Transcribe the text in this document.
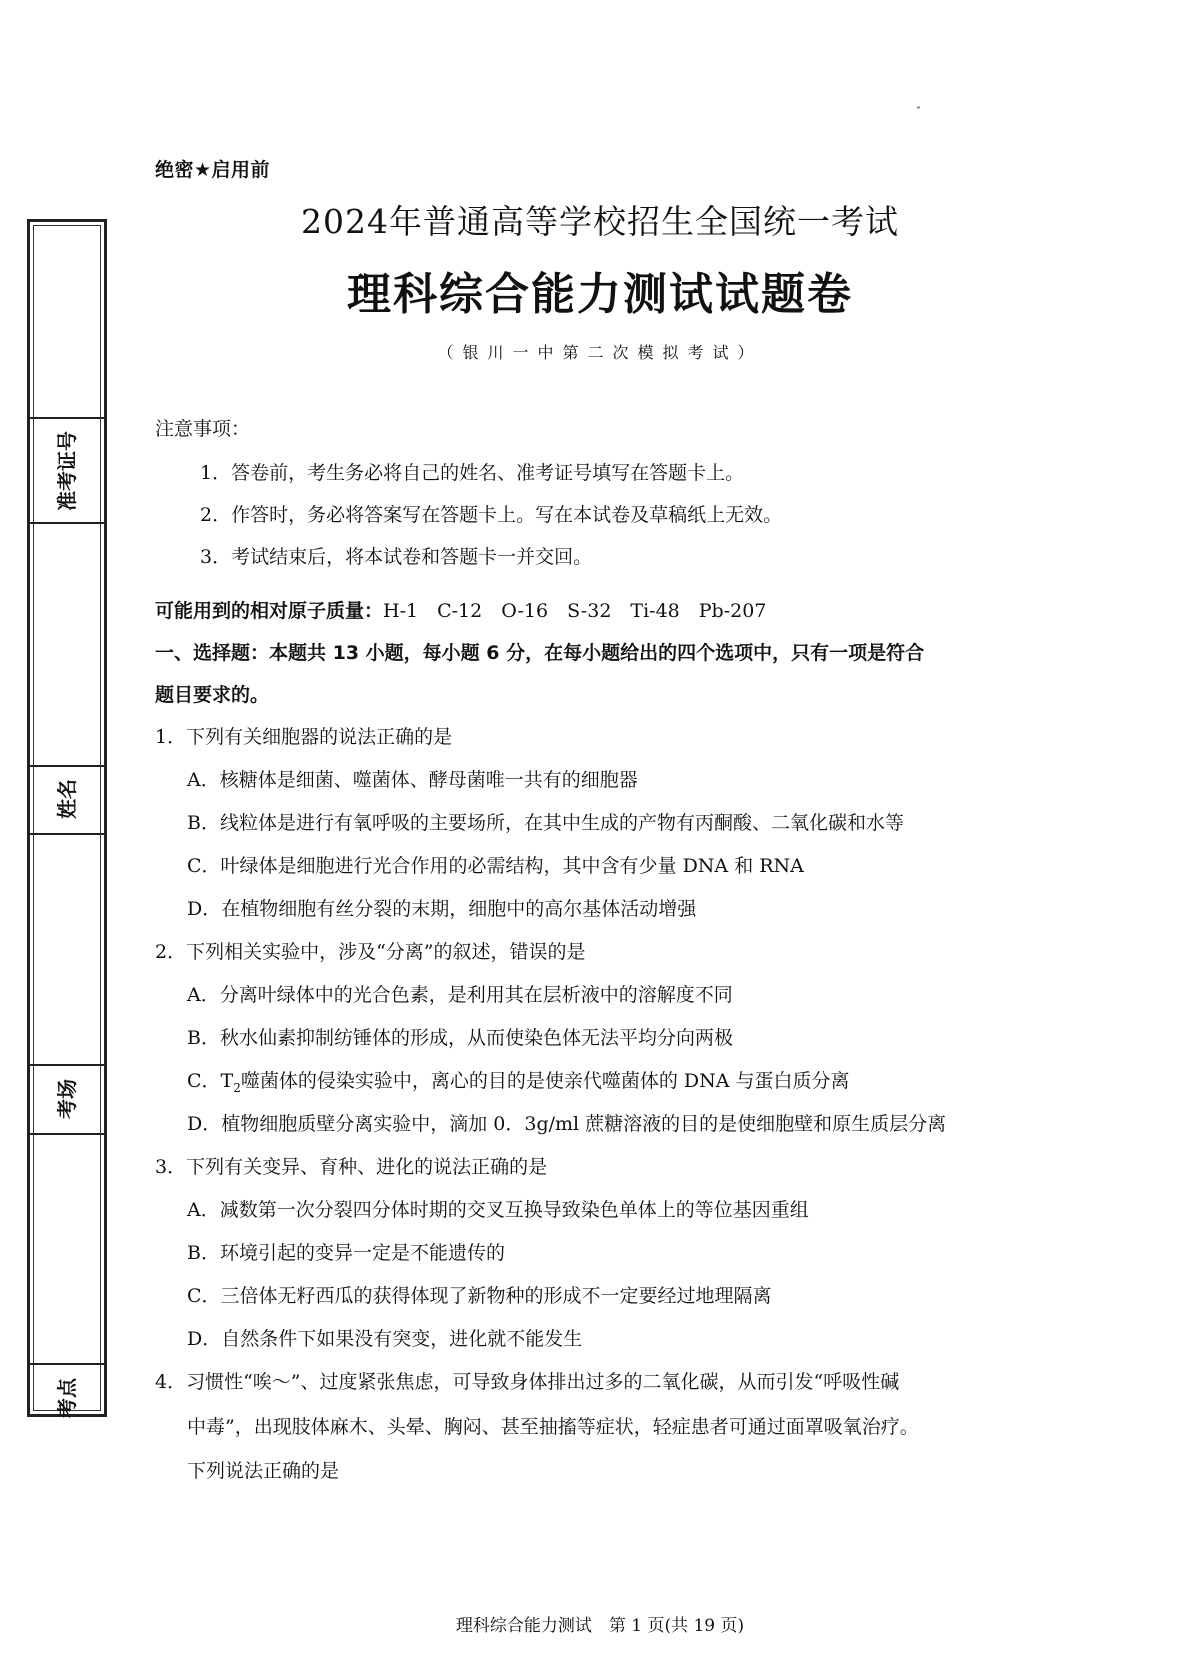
准考证号
姓名
考场
考点
绝密★启用前
2024年普通高等学校招生全国统一考试
理科综合能力测试试题卷
（银川一中第二次模拟考试）
注意事项：
1．答卷前，考生务必将自己的姓名、准考证号填写在答题卡上。
2．作答时，务必将答案写在答题卡上。写在本试卷及草稿纸上无效。
3．考试结束后，将本试卷和答题卡一并交回。
可能用到的相对原子质量：H-1　C-12　O-16　S-32　Ti-48　Pb-207
一、选择题：本题共 13 小题，每小题 6 分，在每小题给出的四个选项中，只有一项是符合
题目要求的。
1．下列有关细胞器的说法正确的是
A．核糖体是细菌、噬菌体、酵母菌唯一共有的细胞器
B．线粒体是进行有氧呼吸的主要场所，在其中生成的产物有丙酮酸、二氧化碳和水等
C．叶绿体是细胞进行光合作用的必需结构，其中含有少量 DNA 和 RNA
D．在植物细胞有丝分裂的末期，细胞中的高尔基体活动增强
2．下列相关实验中，涉及“分离”的叙述，错误的是
A．分离叶绿体中的光合色素，是利用其在层析液中的溶解度不同
B．秋水仙素抑制纺锤体的形成，从而使染色体无法平均分向两极
C．$T_2$噬菌体的侵染实验中，离心的目的是使亲代噬菌体的 DNA 与蛋白质分离
D．植物细胞质壁分离实验中，滴加 0．3g/ml 蔗糖溶液的目的是使细胞壁和原生质层分离
3．下列有关变异、育种、进化的说法正确的是
A．减数第一次分裂四分体时期的交叉互换导致染色单体上的等位基因重组
B．环境引起的变异一定是不能遗传的
C．三倍体无籽西瓜的获得体现了新物种的形成不一定要经过地理隔离
D．自然条件下如果没有突变，进化就不能发生
4．习惯性“唉～”、过度紧张焦虑，可导致身体排出过多的二氧化碳，从而引发“呼吸性碱
中毒”，出现肢体麻木、头晕、胸闷、甚至抽搐等症状，轻症患者可通过面罩吸氧治疗。
下列说法正确的是
理科综合能力测试　第 1 页(共 19 页)
